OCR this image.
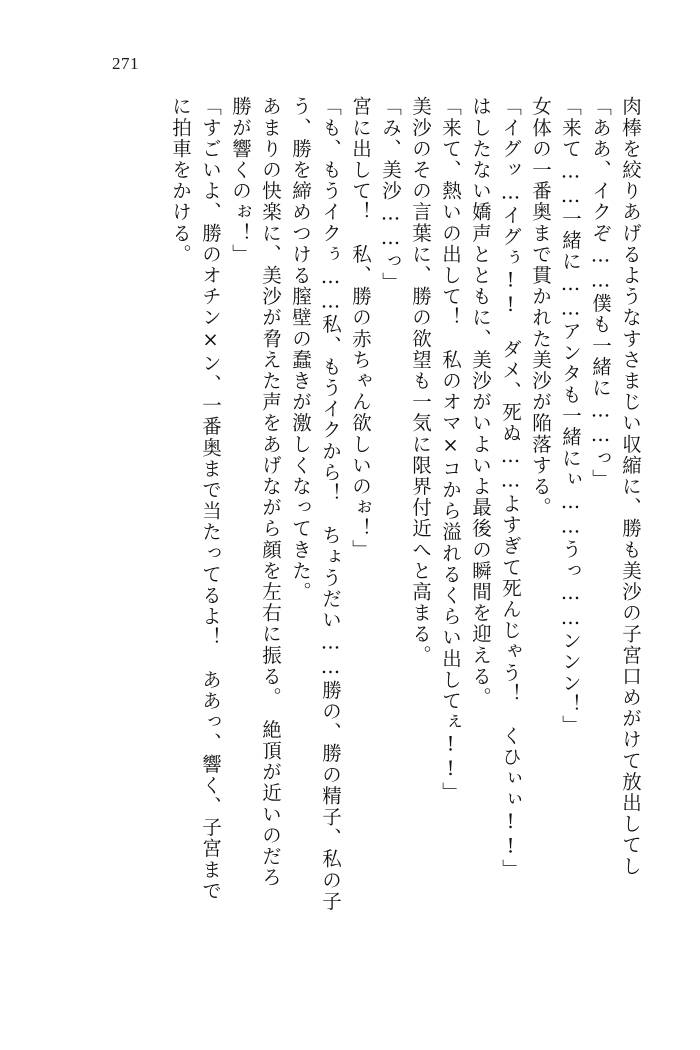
271
に拍車をかける。 「すごいよ、勝のオチン×ン、一番奥まで当たってるよ！　ああっ、響く、子宮まで 勝が響くのぉ！」 あまりの快楽に、美沙が脅えた声をあげながら顔を左右に振る。　絶頂が近いのだろ う、勝を締めつける膣壁の蠢きが激しくなってきた。 「も、もうイクぅ……私、もうイクから！　ちょうだい……勝の、勝の精子、私の子 宮に出して！　私、勝の赤ちゃん欲しいのぉ！」 「み、美沙……っ」 美沙のその言葉に、勝の欲望も一気に限界付近へと高まる。 「来て、熱いの出して！　私のオマ×コから溢れるくらい出してぇ!!」 はしたない嬌声とともに、美沙がいよいよ最後の瞬間を迎える。 「イグッ…イグぅ!!　ダメ、死ぬ……よすぎて死んじゃう！　くひぃぃ!!」 女体の一番奥まで貫かれた美沙が陥落する。 「来て……一緒に……アンタも一緒にぃ……うっ……ンンン！」 「ああ、イクぞ……僕も一緒に……っ」 肉棒を絞りあげるようなすさまじい収縮に、勝も美沙の子宮口めがけて放出してし
